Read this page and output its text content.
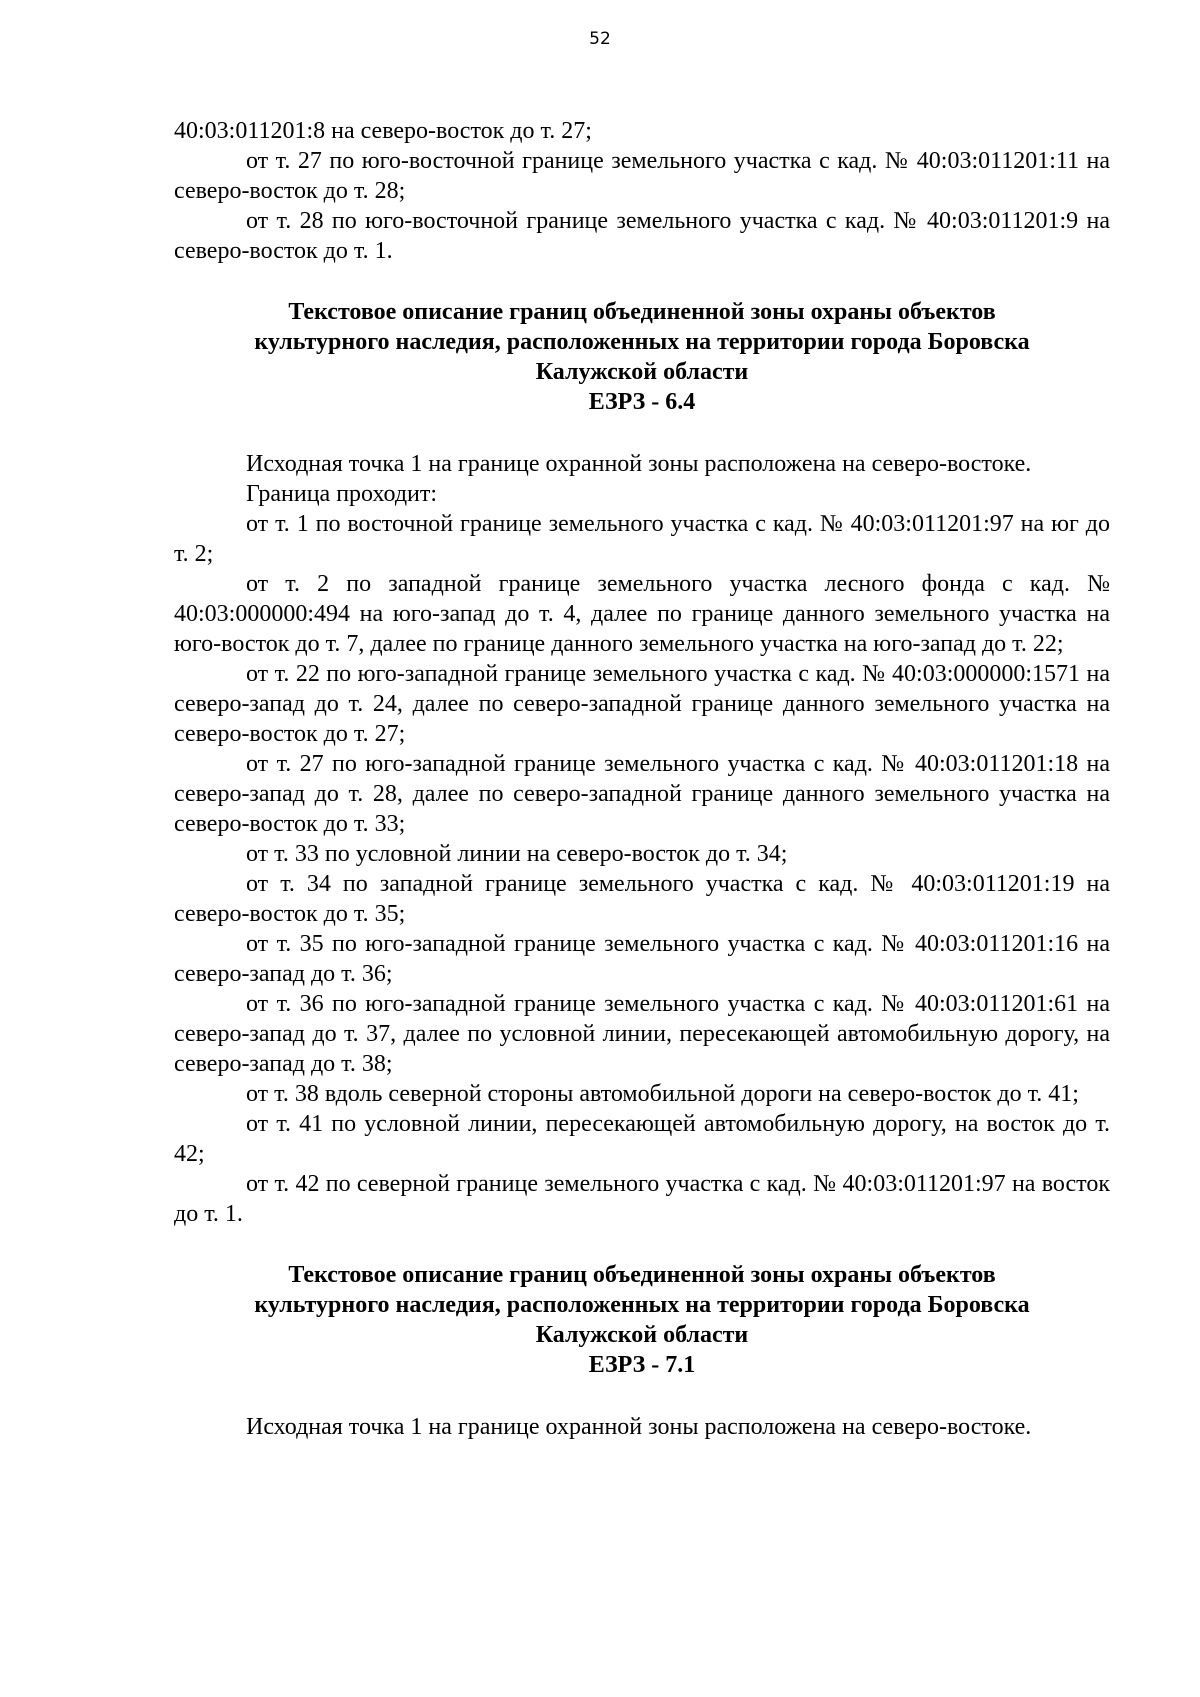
52

40:03:011201:8 на северо-восток до т. 27;

от т. 27 по юго-восточной границе земельного участка с кад. № 40:03:011201:11 на северо-восток до т. 28;

от т. 28 по юго-восточной границе земельного участка с кад. № 40:03:011201:9 на северо-восток до т. 1.

Текстовое описание границ объединенной зоны охраны объектов

культурного наследия, расположенных на территории города Боровска

Калужской области

ЕЗРЗ - 6.4

Исходная точка 1 на границе охранной зоны расположена на северо-востоке.

Граница проходит:

от т. 1 по восточной границе земельного участка с кад. № 40:03:011201:97 на юг до т. 2;

от т. 2 по западной границе земельного участка лесного фонда с кад. № 40:03:000000:494 на юго-запад до т. 4, далее по границе данного земельного участка на юго-восток до т. 7, далее по границе данного земельного участка на юго-запад до т. 22;

от т. 22 по юго-западной границе земельного участка с кад. № 40:03:000000:1571 на северо-запад до т. 24, далее по северо-западной границе данного земельного участка на северо-восток до т. 27;

от т. 27 по юго-западной границе земельного участка с кад. № 40:03:011201:18 на северо-запад до т. 28, далее по северо-западной границе данного земельного участка на северо-восток до т. 33;

от т. 33 по условной линии на северо-восток до т. 34;

от т. 34 по западной границе земельного участка с кад. № 40:03:011201:19 на северо-восток до т. 35;

от т. 35 по юго-западной границе земельного участка с кад. № 40:03:011201:16 на северо-запад до т. 36;

от т. 36 по юго-западной границе земельного участка с кад. № 40:03:011201:61 на северо-запад до т. 37, далее по условной линии, пересекающей автомобильную дорогу, на северо-запад до т. 38;

от т. 38 вдоль северной стороны автомобильной дороги на северо-восток до т. 41;

от т. 41 по условной линии, пересекающей автомобильную дорогу, на восток до т. 42;

от т. 42 по северной границе земельного участка с кад. № 40:03:011201:97 на восток до т. 1.

Текстовое описание границ объединенной зоны охраны объектов

культурного наследия, расположенных на территории города Боровска

Калужской области

ЕЗРЗ - 7.1

Исходная точка 1 на границе охранной зоны расположена на северо-востоке.
